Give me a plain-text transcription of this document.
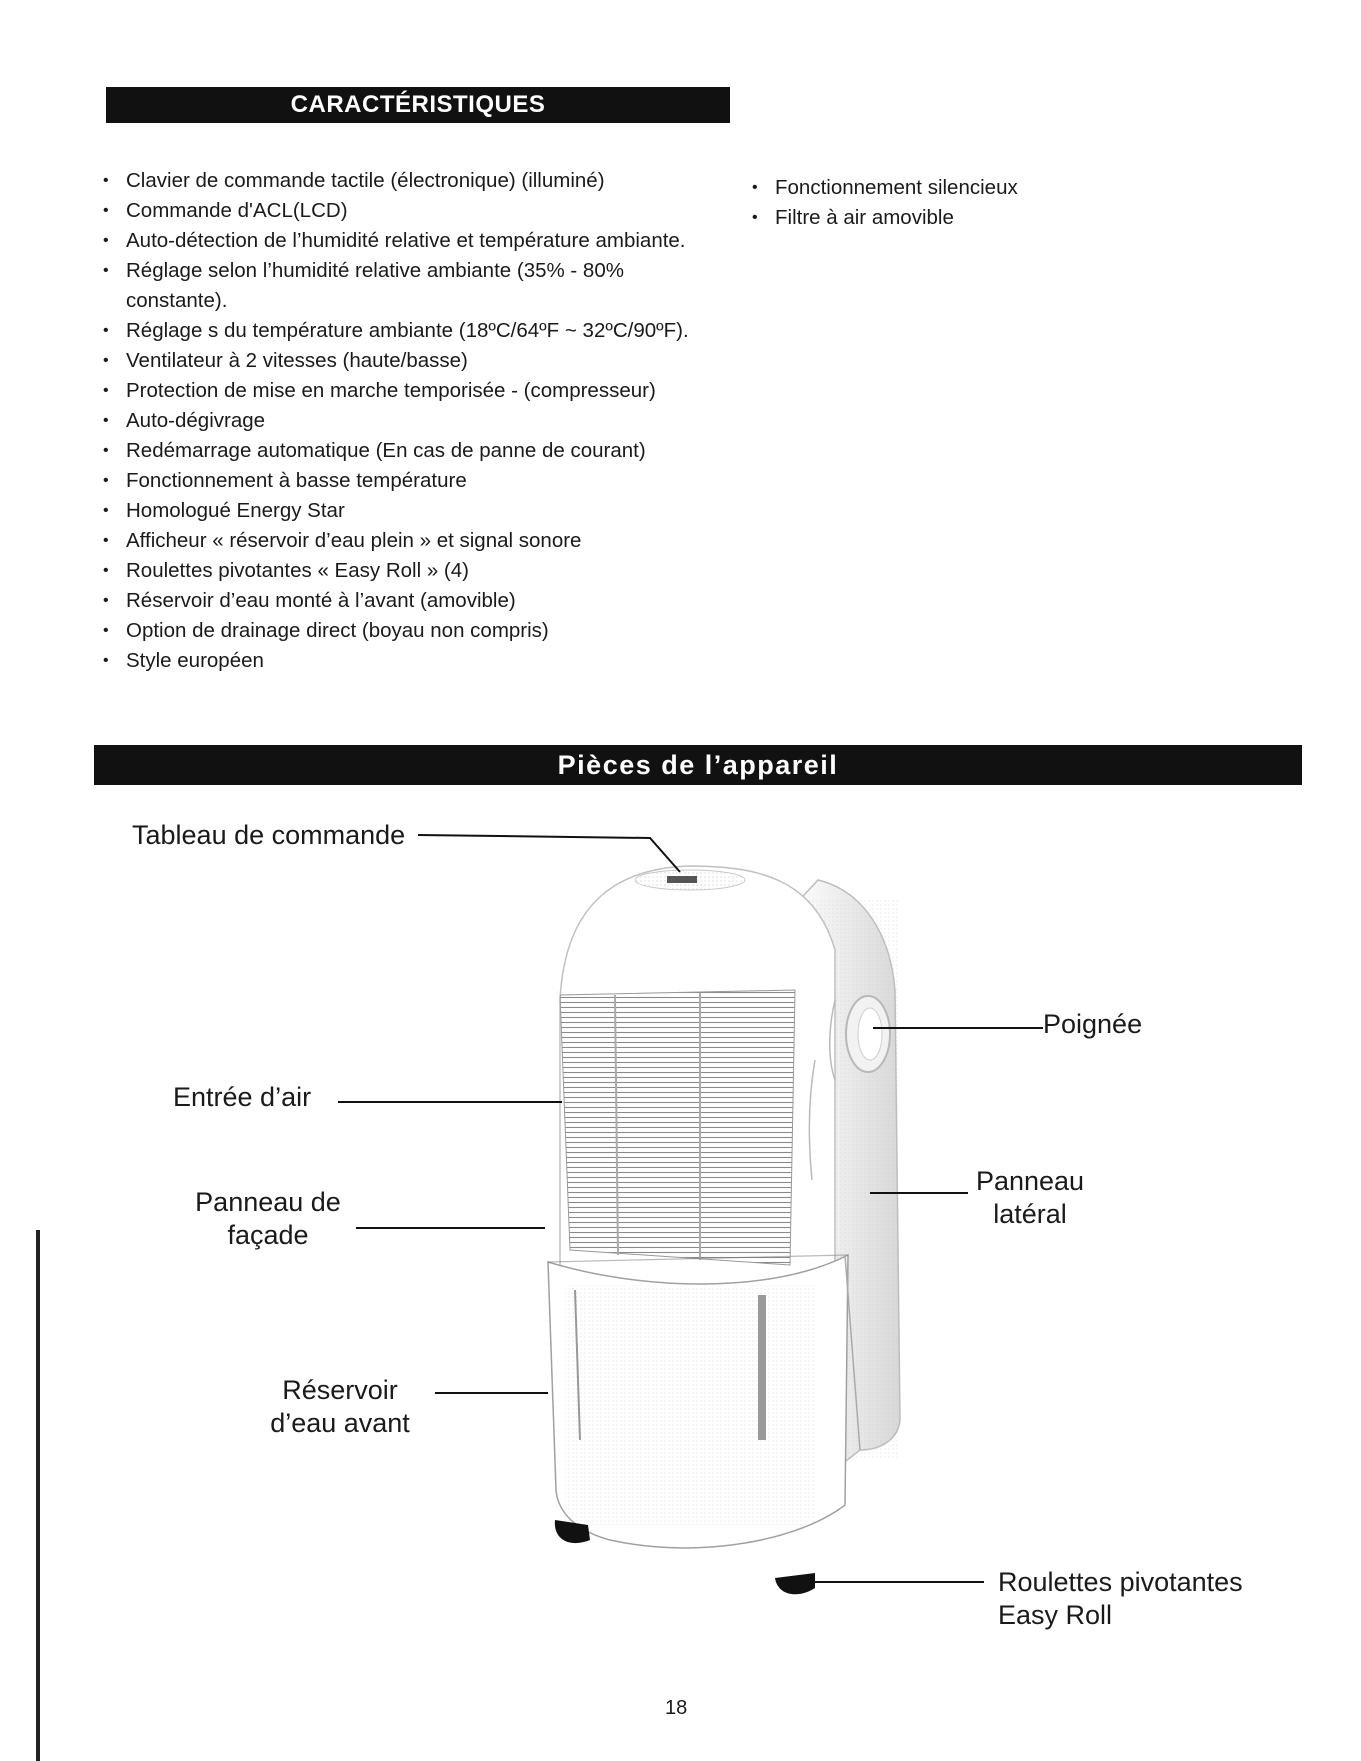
CARACTÉRISTIQUES
• Clavier de commande tactile (électronique) (illuminé)
• Commande d'ACL(LCD)
• Auto-détection de l’humidité relative et température ambiante.
• Réglage selon l’humidité relative ambiante (35% - 80% constante).
• Réglage s du température ambiante (18ºC/64ºF ~ 32ºC/90ºF).
• Ventilateur à 2 vitesses (haute/basse)
• Protection de mise en marche temporisée - (compresseur)
• Auto-dégivrage
• Redémarrage automatique (En cas de panne de courant)
• Fonctionnement à basse température
• Homologué Energy Star
• Afficheur « réservoir d’eau plein » et signal sonore
• Roulettes pivotantes « Easy Roll » (4)
• Réservoir d’eau monté à l’avant (amovible)
• Option de drainage direct (boyau non compris)
• Style européen
• Fonctionnement silencieux
• Filtre à air amovible
Pièces de l’appareil
Tableau de commande
Poignée
Entrée d’air
Panneau de
façade
Panneau
latéral
Réservoir
d’eau avant
Roulettes pivotantes
Easy Roll
18
